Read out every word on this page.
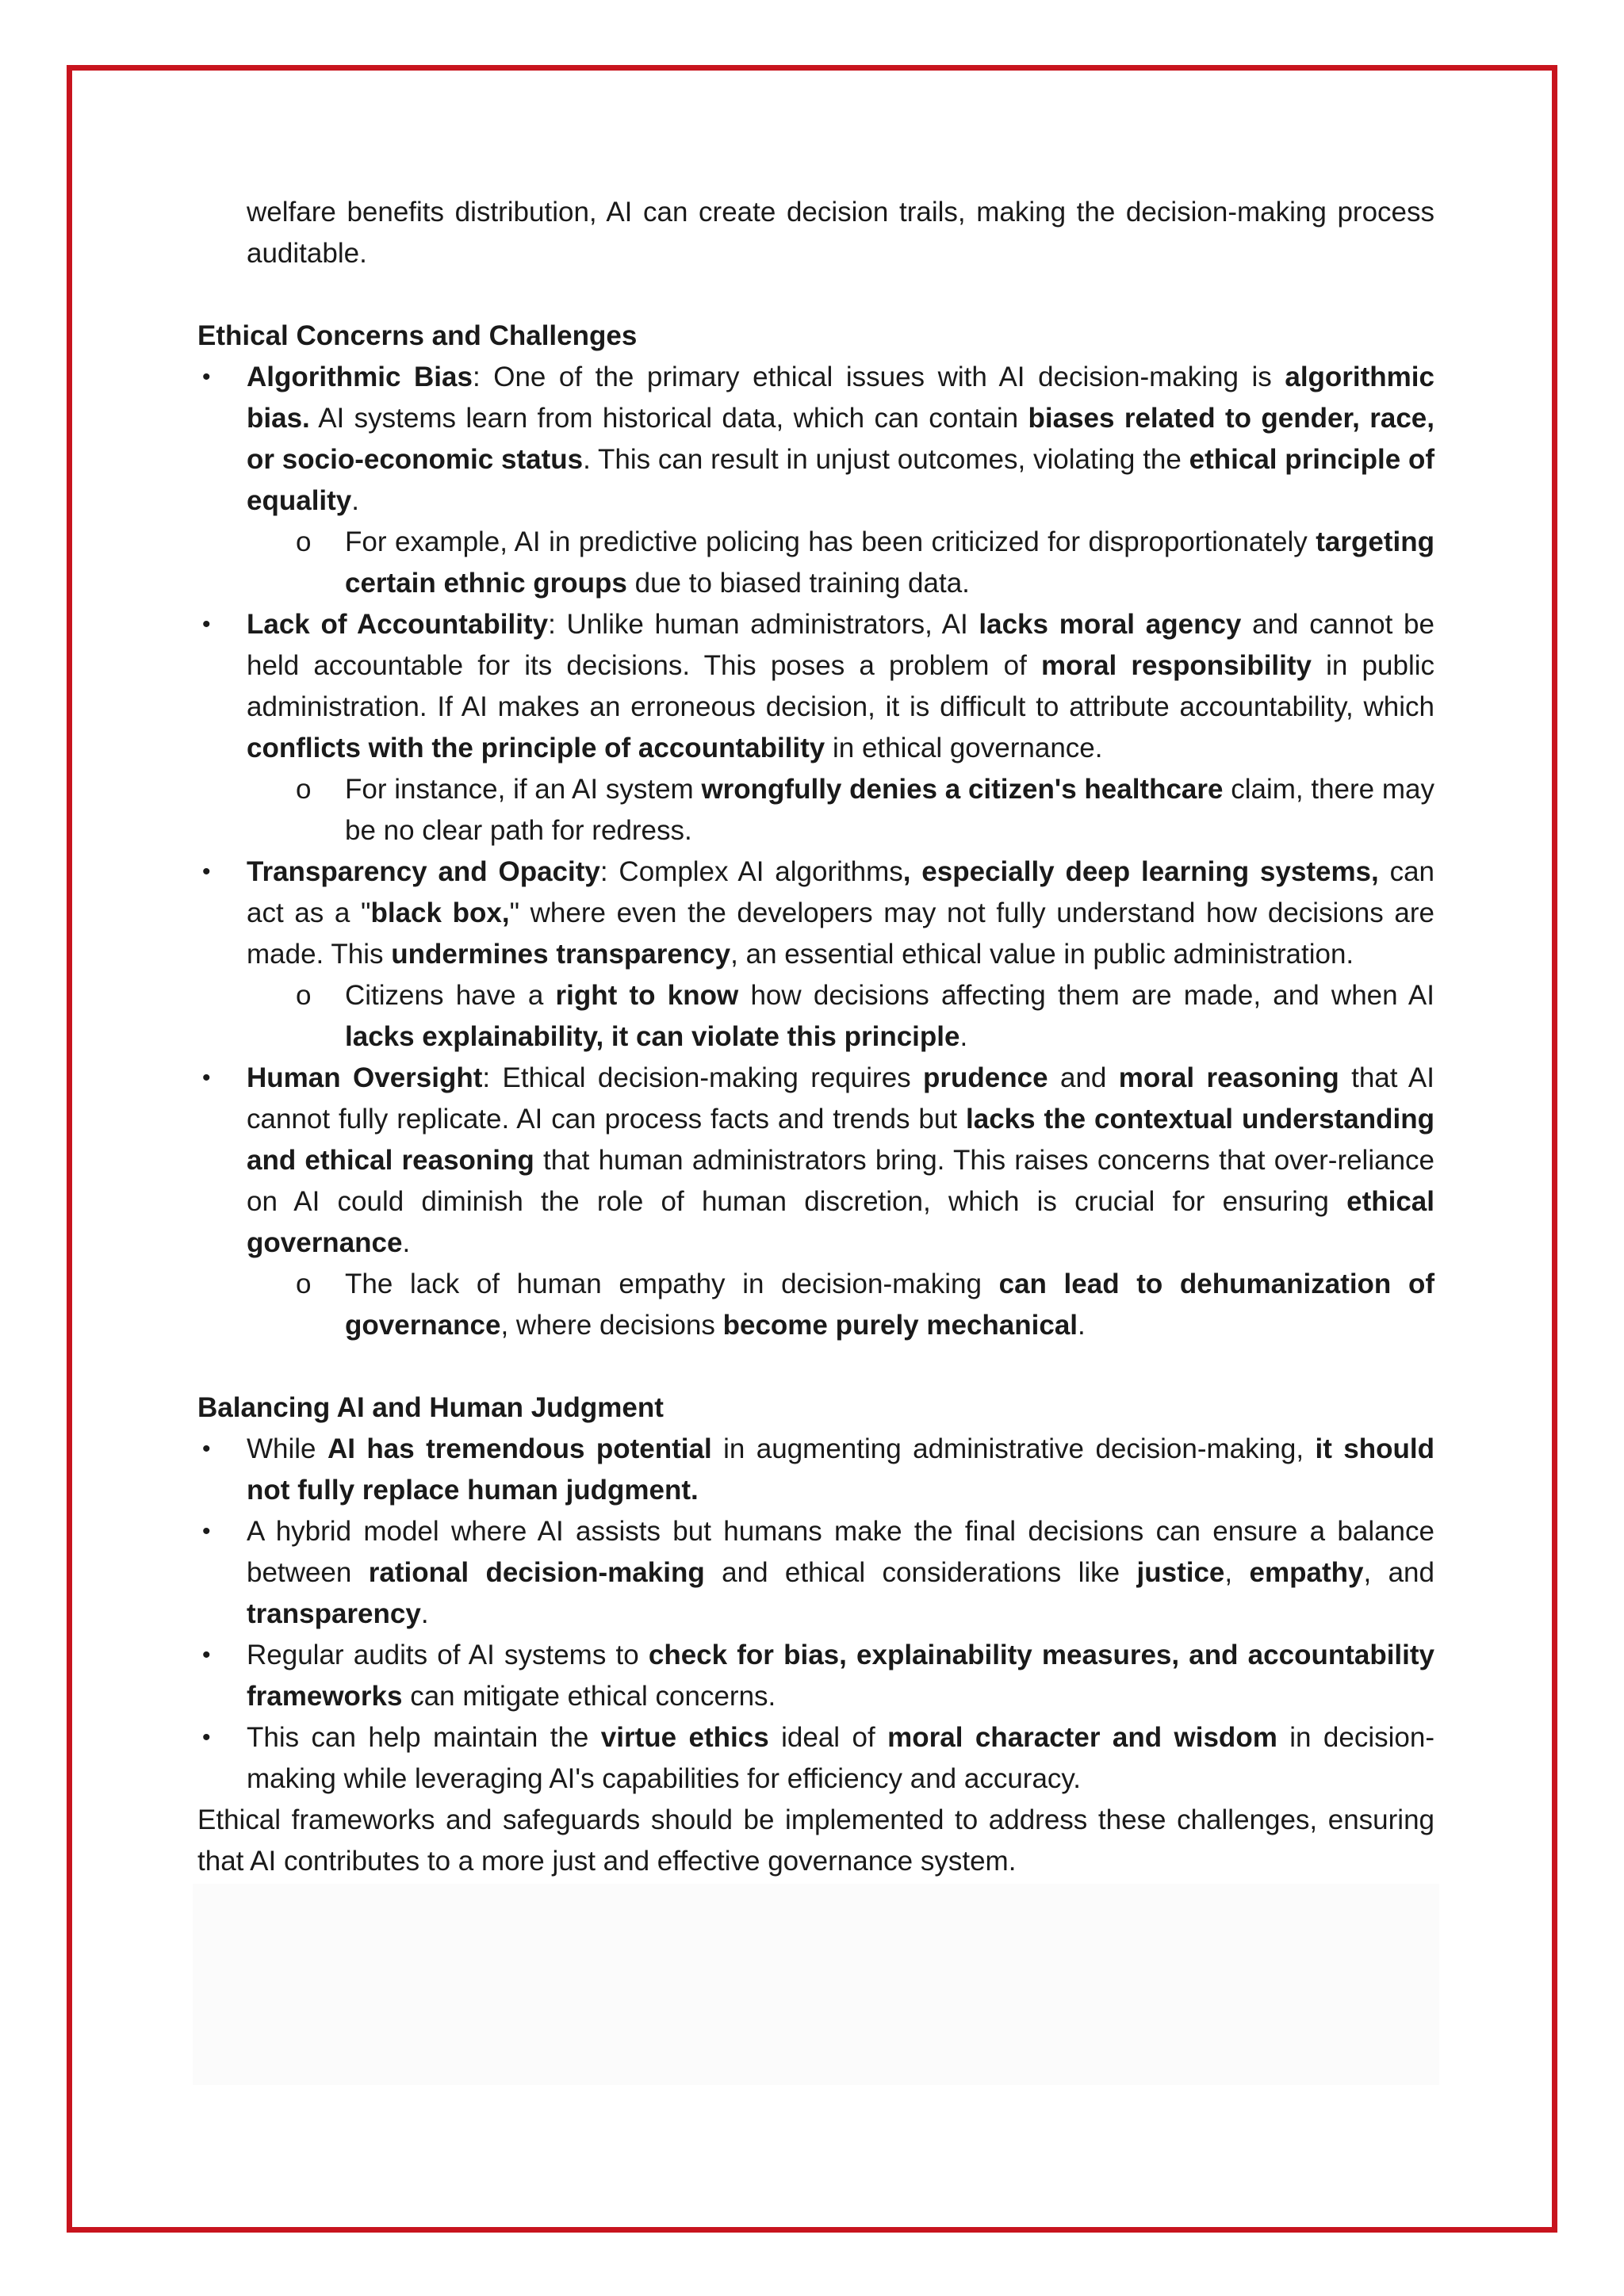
welfare benefits distribution, AI can create decision trails, making the decision-making process auditable.

Ethical Concerns and Challenges

• Algorithmic Bias: One of the primary ethical issues with AI decision-making is algorithmic bias. AI systems learn from historical data, which can contain biases related to gender, race, or socio-economic status. This can result in unjust outcomes, violating the ethical principle of equality.
o For example, AI in predictive policing has been criticized for disproportionately targeting certain ethnic groups due to biased training data.
• Lack of Accountability: Unlike human administrators, AI lacks moral agency and cannot be held accountable for its decisions. This poses a problem of moral responsibility in public administration. If AI makes an erroneous decision, it is difficult to attribute accountability, which conflicts with the principle of accountability in ethical governance.
o For instance, if an AI system wrongfully denies a citizen's healthcare claim, there may be no clear path for redress.
• Transparency and Opacity: Complex AI algorithms, especially deep learning systems, can act as a "black box," where even the developers may not fully understand how decisions are made. This undermines transparency, an essential ethical value in public administration.
o Citizens have a right to know how decisions affecting them are made, and when AI lacks explainability, it can violate this principle.
• Human Oversight: Ethical decision-making requires prudence and moral reasoning that AI cannot fully replicate. AI can process facts and trends but lacks the contextual understanding and ethical reasoning that human administrators bring. This raises concerns that over-reliance on AI could diminish the role of human discretion, which is crucial for ensuring ethical governance.
o The lack of human empathy in decision-making can lead to dehumanization of governance, where decisions become purely mechanical.

Balancing AI and Human Judgment

• While AI has tremendous potential in augmenting administrative decision-making, it should not fully replace human judgment.
• A hybrid model where AI assists but humans make the final decisions can ensure a balance between rational decision-making and ethical considerations like justice, empathy, and transparency.
• Regular audits of AI systems to check for bias, explainability measures, and accountability frameworks can mitigate ethical concerns.
• This can help maintain the virtue ethics ideal of moral character and wisdom in decision-making while leveraging AI's capabilities for efficiency and accuracy.

Ethical frameworks and safeguards should be implemented to address these challenges, ensuring that AI contributes to a more just and effective governance system.
